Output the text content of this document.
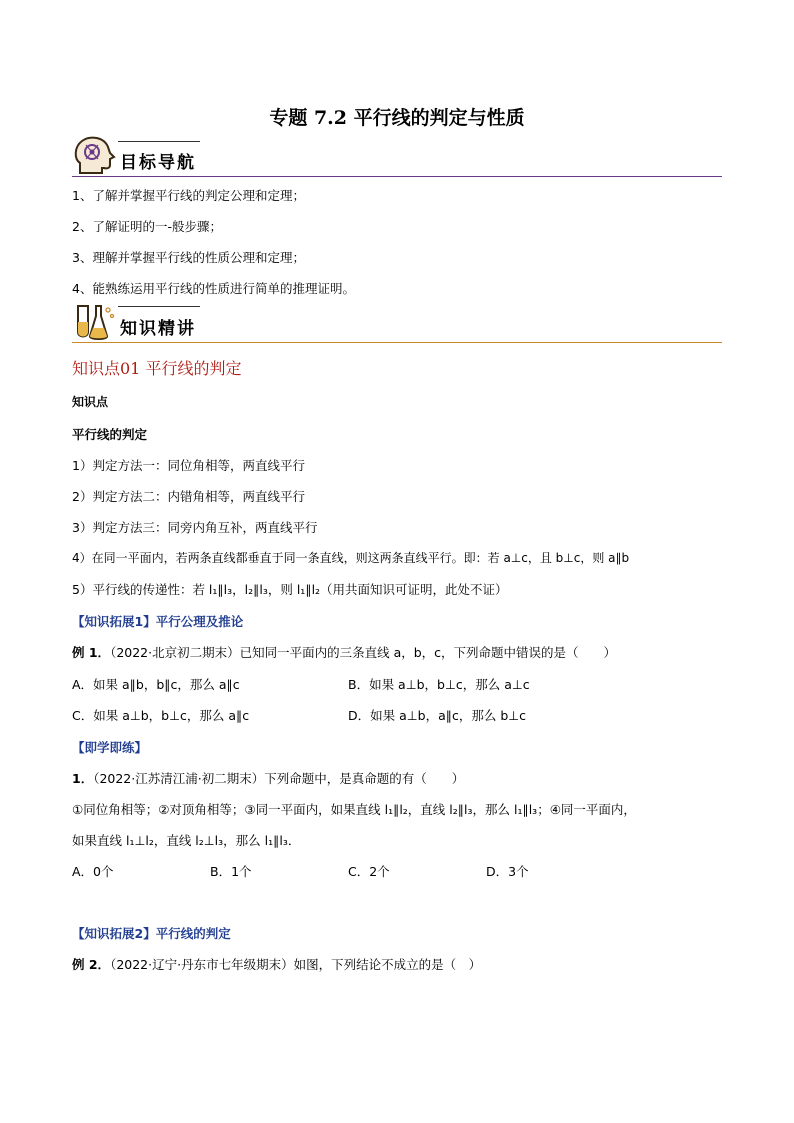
专题 7.2 平行线的判定与性质
目标导航
1、了解并掌握平行线的判定公理和定理；
2、了解证明的一-般步骤；
3、理解并掌握平行线的性质公理和定理；
4、能熟练运用平行线的性质进行简单的推理证明。
知识精讲
知识点01 平行线的判定
知识点
平行线的判定
1）判定方法一：同位角相等，两直线平行
2）判定方法二：内错角相等，两直线平行
3）判定方法三：同旁内角互补，两直线平行
4）在同一平面内，若两条直线都垂直于同一条直线，则这两条直线平行。即：若 a⊥c，且 b⊥c，则 a∥b
5）平行线的传递性：若 l₁∥l₃，l₂∥l₃，则 l₁∥l₂（用共面知识可证明，此处不证）
【知识拓展1】平行公理及推论
例 1．（2022·北京初二期末）已知同一平面内的三条直线 a，b，c，下列命题中错误的是（　　）
A．如果 a∥b，b∥c，那么 a∥c	B．如果 a⊥b，b⊥c，那么 a⊥c
C．如果 a⊥b，b⊥c，那么 a∥c	D．如果 a⊥b，a∥c，那么 b⊥c
【即学即练】
1．（2022·江苏清江浦·初二期末）下列命题中，是真命题的有（　　）
①同位角相等；②对顶角相等；③同一平面内，如果直线 l₁∥l₂，直线 l₂∥l₃，那么 l₁∥l₃；④同一平面内，
如果直线 l₁⊥l₂，直线 l₂⊥l₃，那么 l₁∥l₃．
A．0个	B．1个	C．2个	D．3个
【知识拓展2】平行线的判定
例 2．（2022·辽宁·丹东市七年级期末）如图，下列结论不成立的是（　）
